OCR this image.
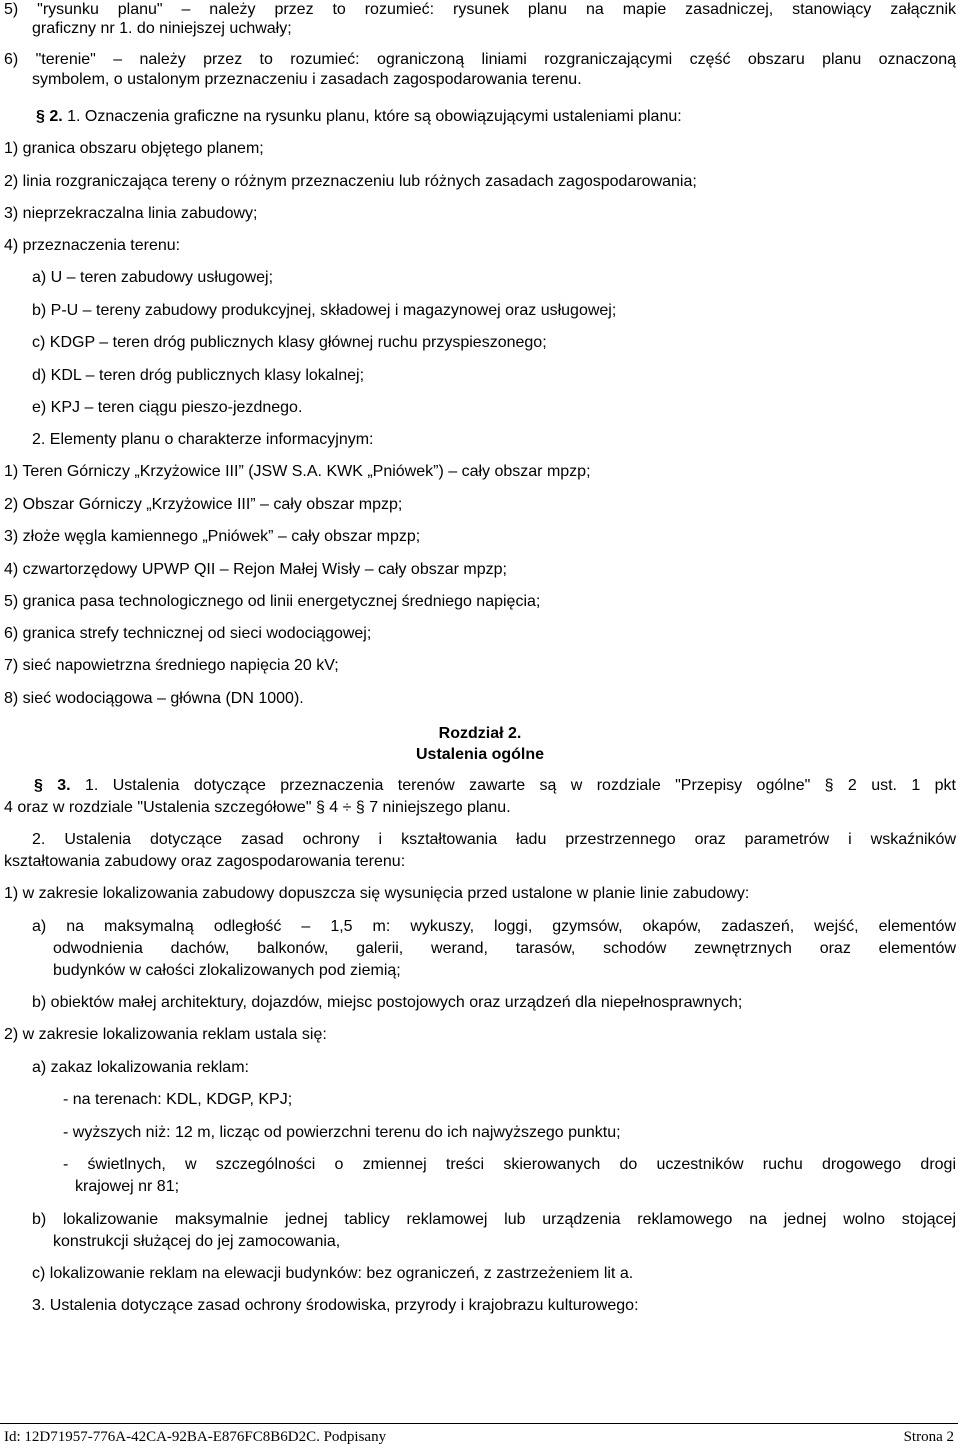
5) "rysunku planu" – należy przez to rozumieć: rysunek planu na mapie zasadniczej, stanowiący załącznik
graficzny nr 1. do niniejszej uchwały;
6) "terenie" – należy przez to rozumieć: ograniczoną liniami rozgraniczającymi część obszaru planu oznaczoną
symbolem, o ustalonym przeznaczeniu i zasadach zagospodarowania terenu.
§ 2. 1. Oznaczenia graficzne na rysunku planu, które są obowiązującymi ustaleniami planu:
1) granica obszaru objętego planem;
2) linia rozgraniczająca tereny o różnym przeznaczeniu lub różnych zasadach zagospodarowania;
3) nieprzekraczalna linia zabudowy;
4) przeznaczenia terenu:
a) U – teren zabudowy usługowej;
b) P-U – tereny zabudowy produkcyjnej, składowej i magazynowej oraz usługowej;
c) KDGP – teren dróg publicznych klasy głównej ruchu przyspieszonego;
d) KDL – teren dróg publicznych klasy lokalnej;
e) KPJ – teren ciągu pieszo-jezdnego.
2. Elementy planu o charakterze informacyjnym:
1) Teren Górniczy „Krzyżowice III” (JSW S.A. KWK „Pniówek”) – cały obszar mpzp;
2) Obszar Górniczy „Krzyżowice III” – cały obszar mpzp;
3) złoże węgla kamiennego „Pniówek” – cały obszar mpzp;
4) czwartorzędowy UPWP QII – Rejon Małej Wisły – cały obszar mpzp;
5) granica pasa technologicznego od linii energetycznej średniego napięcia;
6) granica strefy technicznej od sieci wodociągowej;
7) sieć napowietrzna średniego napięcia 20 kV;
8) sieć wodociągowa – główna (DN 1000).
Rozdział 2.
Ustalenia ogólne
§ 3. 1. Ustalenia dotyczące przeznaczenia terenów zawarte są w rozdziale "Przepisy ogólne" § 2 ust. 1 pkt
4 oraz w rozdziale "Ustalenia szczegółowe" § 4 ÷ § 7 niniejszego planu.
2. Ustalenia dotyczące zasad ochrony i kształtowania ładu przestrzennego oraz parametrów i wskaźników
kształtowania zabudowy oraz zagospodarowania terenu:
1) w zakresie lokalizowania zabudowy dopuszcza się wysunięcia przed ustalone w planie linie zabudowy:
a) na maksymalną odległość – 1,5 m: wykuszy, loggi, gzymsów, okapów, zadaszeń, wejść, elementów
odwodnienia dachów, balkonów, galerii, werand, tarasów, schodów zewnętrznych oraz elementów
budynków w całości zlokalizowanych pod ziemią;
b) obiektów małej architektury, dojazdów, miejsc postojowych oraz urządzeń dla niepełnosprawnych;
2) w zakresie lokalizowania reklam ustala się:
a) zakaz lokalizowania reklam:
- na terenach: KDL, KDGP, KPJ;
- wyższych niż: 12 m, licząc od powierzchni terenu do ich najwyższego punktu;
- świetlnych, w szczególności o zmiennej treści skierowanych do uczestników ruchu drogowego drogi
krajowej nr 81;
b) lokalizowanie maksymalnie jednej tablicy reklamowej lub urządzenia reklamowego na jednej wolno stojącej
konstrukcji służącej do jej zamocowania,
c) lokalizowanie reklam na elewacji budynków: bez ograniczeń, z zastrzeżeniem lit a.
3. Ustalenia dotyczące zasad ochrony środowiska, przyrody i krajobrazu kulturowego:
Id: 12D71957-776A-42CA-92BA-E876FC8B6D2C. Podpisany	Strona 2
